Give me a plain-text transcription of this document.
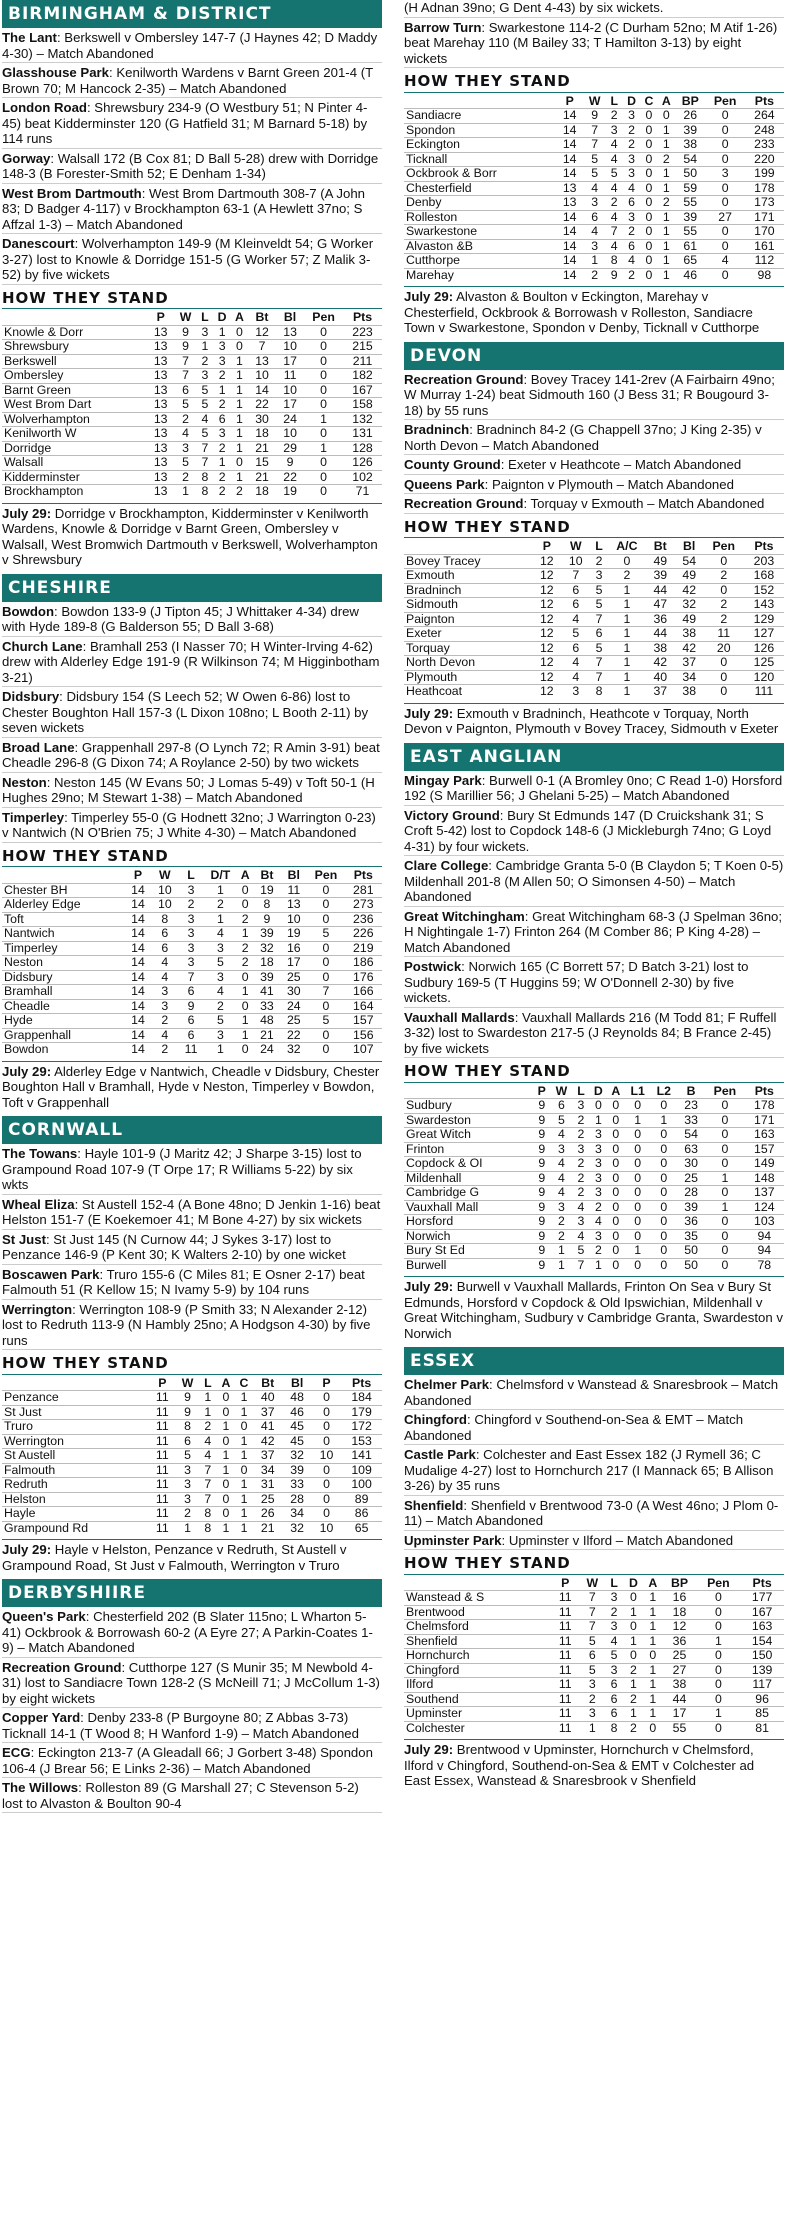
BIRMINGHAM & DISTRICT
The Lant: Berkswell v Ombersley 147-7 (J Haynes 42; D Maddy 4-30) – Match Abandoned
Glasshouse Park: Kenilworth Wardens v Barnt Green 201-4 (T Brown 70; M Hancock 2-35) – Match Abandoned
London Road: Shrewsbury 234-9 (O Westbury 51; N Pinter 4-45) beat Kidderminster 120 (G Hatfield 31; M Barnard 5-18) by 114 runs
Gorway: Walsall 172 (B Cox 81; D Ball 5-28) drew with Dorridge 148-3 (B Forester-Smith 52; E Denham 1-34)
West Brom Dartmouth: West Brom Dartmouth 308-7 (A John 83; D Badger 4-117) v Brockhampton 63-1 (A Hewlett 37no; S Affzal 1-3) – Match Abandoned
Danescourt: Wolverhampton 149-9 (M Kleinveldt 54; G Worker 3-27) lost to Knowle & Dorridge 151-5 (G Worker 57; Z Malik 3-52) by five wickets
HOW THEY STAND
	P	W	L	D	A	Bt	Bl	Pen	Pts
Knowle & Dorr	13	9	3	1	0	12	13	0	223
Shrewsbury	13	9	1	3	0	7	10	0	215
Berkswell	13	7	2	3	1	13	17	0	211
Ombersley	13	7	3	2	1	10	11	0	182
Barnt Green	13	6	5	1	1	14	10	0	167
West Brom Dart	13	5	5	2	1	22	17	0	158
Wolverhampton	13	2	4	6	1	30	24	1	132
Kenilworth W	13	4	5	3	1	18	10	0	131
Dorridge	13	3	7	2	1	21	29	1	128
Walsall	13	5	7	1	0	15	9	0	126
Kidderminster	13	2	8	2	1	21	22	0	102
Brockhampton	13	1	8	2	2	18	19	0	71
July 29: Dorridge v Brockhampton, Kidderminster v Kenilworth Wardens, Knowle & Dorridge v Barnt Green, Ombersley v Walsall, West Bromwich Dartmouth v Berkswell, Wolverhampton v Shrewsbury
CHESHIRE
Bowdon: Bowdon 133-9 (J Tipton 45; J Whittaker 4-34) drew with Hyde 189-8 (G Balderson 55; D Ball 3-68)
Church Lane: Bramhall 253 (I Nasser 70; H Winter-Irving 4-62) drew with Alderley Edge 191-9 (R Wilkinson 74; M Higginbotham 3-21)
Didsbury: Didsbury 154 (S Leech 52; W Owen 6-86) lost to Chester Boughton Hall 157-3 (L Dixon 108no; L Booth 2-11) by seven wickets
Broad Lane: Grappenhall 297-8 (O Lynch 72; R Amin 3-91) beat Cheadle 296-8 (G Dixon 74; A Roylance 2-50) by two wickets
Neston: Neston 145 (W Evans 50; J Lomas 5-49) v Toft 50-1 (H Hughes 29no; M Stewart 1-38) – Match Abandoned
Timperley: Timperley 55-0 (G Hodnett 32no; J Warrington 0-23) v Nantwich (N O'Brien 75; J White 4-30) – Match Abandoned
HOW THEY STAND
	P	W	L	D/T	A	Bt	Bl	Pen	Pts
Chester BH	14	10	3	1	0	19	11	0	281
Alderley Edge	14	10	2	2	0	8	13	0	273
Toft	14	8	3	1	2	9	10	0	236
Nantwich	14	6	3	4	1	39	19	5	226
Timperley	14	6	3	3	2	32	16	0	219
Neston	14	4	3	5	2	18	17	0	186
Didsbury	14	4	7	3	0	39	25	0	176
Bramhall	14	3	6	4	1	41	30	7	166
Cheadle	14	3	9	2	0	33	24	0	164
Hyde	14	2	6	5	1	48	25	5	157
Grappenhall	14	4	6	3	1	21	22	0	156
Bowdon	14	2	11	1	0	24	32	0	107
July 29: Alderley Edge v Nantwich, Cheadle v Didsbury, Chester Boughton Hall v Bramhall, Hyde v Neston, Timperley v Bowdon, Toft v Grappenhall
CORNWALL
The Towans: Hayle 101-9 (J Maritz 42; J Sharpe 3-15) lost to Grampound Road 107-9 (T Orpe 17; R Williams 5-22) by six wkts
Wheal Eliza: St Austell 152-4 (A Bone 48no; D Jenkin 1-16) beat Helston 151-7 (E Koekemoer 41; M Bone 4-27) by six wickets
St Just: St Just 145 (N Curnow 44; J Sykes 3-17) lost to Penzance 146-9 (P Kent 30; K Walters 2-10) by one wicket
Boscawen Park: Truro 155-6 (C Miles 81; E Osner 2-17) beat Falmouth 51 (R Kellow 15; N Ivamy 5-9) by 104 runs
Werrington: Werrington 108-9 (P Smith 33; N Alexander 2-12) lost to Redruth 113-9 (N Hambly 25no; A Hodgson 4-30) by five runs
HOW THEY STAND
	P	W	L	A	C	Bt	Bl	P	Pts
Penzance	11	9	1	0	1	40	48	0	184
St Just	11	9	1	0	1	37	46	0	179
Truro	11	8	2	1	0	41	45	0	172
Werrington	11	6	4	0	1	42	45	0	153
St Austell	11	5	4	1	1	37	32	10	141
Falmouth	11	3	7	1	0	34	39	0	109
Redruth	11	3	7	0	1	31	33	0	100
Helston	11	3	7	0	1	25	28	0	89
Hayle	11	2	8	0	1	26	34	0	86
Grampound Rd	11	1	8	1	1	21	32	10	65
July 29: Hayle v Helston, Penzance v Redruth, St Austell v Grampound Road, St Just v Falmouth, Werrington v Truro
DERBYSHIIRE
Queen's Park: Chesterfield 202 (B Slater 115no; L Wharton 5-41) Ockbrook & Borrowash 60-2 (A Eyre 27; A Parkin-Coates 1-9) – Match Abandoned
Recreation Ground: Cutthorpe 127 (S Munir 35; M Newbold 4-31) lost to Sandiacre Town 128-2 (S McNeill 71; J McCollum 1-3) by eight wickets
Copper Yard: Denby 233-8 (P Burgoyne 80; Z Abbas 3-73) Ticknall 14-1 (T Wood 8; H Wanford 1-9) – Match Abandoned
ECG: Eckington 213-7 (A Gleadall 66; J Gorbert 3-48) Spondon 106-4 (J Brear 56; E Links 2-36) – Match Abandoned
The Willows: Rolleston 89 (G Marshall 27; C Stevenson 5-2) lost to Alvaston & Boulton 90-4
(H Adnan 39no; G Dent 4-43) by six wickets.
Barrow Turn: Swarkestone 114-2 (C Durham 52no; M Atif 1-26) beat Marehay 110 (M Bailey 33; T Hamilton 3-13) by eight wickets
HOW THEY STAND
	P	W	L	D	C	A	BP	Pen	Pts
Sandiacre	14	9	2	3	0	0	26	0	264
Spondon	14	7	3	2	0	1	39	0	248
Eckington	14	7	4	2	0	1	38	0	233
Ticknall	14	5	4	3	0	2	54	0	220
Ockbrook & Borr	14	5	5	3	0	1	50	3	199
Chesterfield	13	4	4	4	0	1	59	0	178
Denby	13	3	2	6	0	2	55	0	173
Rolleston	14	6	4	3	0	1	39	27	171
Swarkestone	14	4	7	2	0	1	55	0	170
Alvaston &B	14	3	4	6	0	1	61	0	161
Cutthorpe	14	1	8	4	0	1	65	4	112
Marehay	14	2	9	2	0	1	46	0	98
July 29: Alvaston & Boulton v Eckington, Marehay v Chesterfield, Ockbrook & Borrowash v Rolleston, Sandiacre Town v Swarkestone, Spondon v Denby, Ticknall v Cutthorpe
DEVON
Recreation Ground: Bovey Tracey 141-2rev (A Fairbairn 49no; W Murray 1-24) beat Sidmouth 160 (J Bess 31; R Bougourd 3-18) by 55 runs
Bradninch: Bradninch 84-2 (G Chappell 37no; J King 2-35) v North Devon – Match Abandoned
County Ground: Exeter v Heathcote – Match Abandoned
Queens Park: Paignton v Plymouth – Match Abandoned
Recreation Ground: Torquay v Exmouth – Match Abandoned
HOW THEY STAND
	P	W	L	A/C	Bt	Bl	Pen	Pts
Bovey Tracey	12	10	2	0	49	54	0	203
Exmouth	12	7	3	2	39	49	2	168
Bradninch	12	6	5	1	44	42	0	152
Sidmouth	12	6	5	1	47	32	2	143
Paignton	12	4	7	1	36	49	2	129
Exeter	12	5	6	1	44	38	11	127
Torquay	12	6	5	1	38	42	20	126
North Devon	12	4	7	1	42	37	0	125
Plymouth	12	4	7	1	40	34	0	120
Heathcoat	12	3	8	1	37	38	0	111
July 29: Exmouth v Bradninch, Heathcote v Torquay, North Devon v Paignton, Plymouth v Bovey Tracey, Sidmouth v Exeter
EAST ANGLIAN
Mingay Park: Burwell 0-1 (A Bromley 0no; C Read 1-0) Horsford 192 (S Marillier 56; J Ghelani 5-25) – Match Abandoned
Victory Ground: Bury St Edmunds 147 (D Cruickshank 31; S Croft 5-42) lost to Copdock 148-6 (J Mickleburgh 74no; G Loyd 4-31) by four wickets.
Clare College: Cambridge Granta 5-0 (B Claydon 5; T Koen 0-5) Mildenhall 201-8 (M Allen 50; O Simonsen 4-50) – Match Abandoned
Great Witchingham: Great Witchingham 68-3 (J Spelman 36no; H Nightingale 1-7) Frinton 264 (M Comber 86; P King 4-28) – Match Abandoned
Postwick: Norwich 165 (C Borrett 57; D Batch 3-21) lost to Sudbury 169-5 (T Huggins 59; W O'Donnell 2-30) by five wickets.
Vauxhall Mallards: Vauxhall Mallards 216 (M Todd 81; F Ruffell 3-32) lost to Swardeston 217-5 (J Reynolds 84; B France 2-45) by five wickets
HOW THEY STAND
	P	W	L	D	A	L1	L2	B	Pen	Pts
Sudbury	9	6	3	0	0	0	0	23	0	178
Swardeston	9	5	2	1	0	1	1	33	0	171
Great Witch	9	4	2	3	0	0	0	54	0	163
Frinton	9	3	3	3	0	0	0	63	0	157
Copdock & OI	9	4	2	3	0	0	0	30	0	149
Mildenhall	9	4	2	3	0	0	0	25	1	148
Cambridge G	9	4	2	3	0	0	0	28	0	137
Vauxhall Mall	9	3	4	2	0	0	0	39	1	124
Horsford	9	2	3	4	0	0	0	36	0	103
Norwich	9	2	4	3	0	0	0	35	0	94
Bury St Ed	9	1	5	2	0	1	0	50	0	94
Burwell	9	1	7	1	0	0	0	50	0	78
July 29: Burwell v Vauxhall Mallards, Frinton On Sea v Bury St Edmunds, Horsford v Copdock & Old Ipswichian, Mildenhall v Great Witchingham, Sudbury v Cambridge Granta, Swardeston v Norwich
ESSEX
Chelmer Park: Chelmsford v Wanstead & Snaresbrook – Match Abandoned
Chingford: Chingford v Southend-on-Sea & EMT – Match Abandoned
Castle Park: Colchester and East Essex 182 (J Rymell 36; C Mudalige 4-27) lost to Hornchurch 217 (I Mannack 65; B Allison 3-26) by 35 runs
Shenfield: Shenfield v Brentwood 73-0 (A West 46no; J Plom 0-11) – Match Abandoned
Upminster Park: Upminster v Ilford – Match Abandoned
HOW THEY STAND
	P	W	L	D	A	BP	Pen	Pts
Wanstead & S	11	7	3	0	1	16	0	177
Brentwood	11	7	2	1	1	18	0	167
Chelmsford	11	7	3	0	1	12	0	163
Shenfield	11	5	4	1	1	36	1	154
Hornchurch	11	6	5	0	0	25	0	150
Chingford	11	5	3	2	1	27	0	139
Ilford	11	3	6	1	1	38	0	117
Southend	11	2	6	2	1	44	0	96
Upminster	11	3	6	1	1	17	1	85
Colchester	11	1	8	2	0	55	0	81
July 29: Brentwood v Upminster, Hornchurch v Chelmsford, Ilford v Chingford, Southend-on-Sea & EMT v Colchester ad East Essex, Wanstead & Snaresbrook v Shenfield
